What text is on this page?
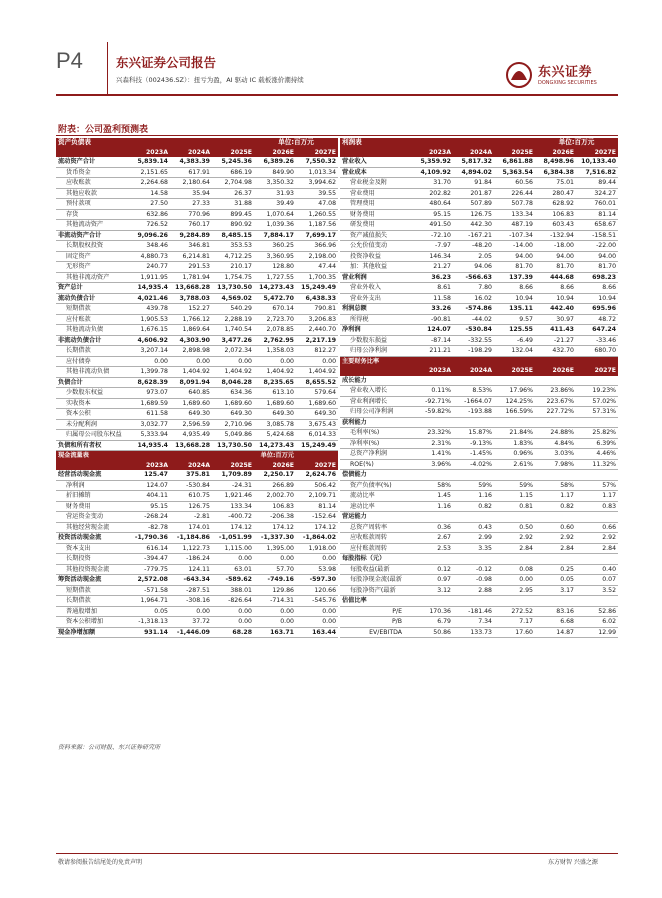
P4	东兴证券公司报告
兴森科技（002436.SZ）：扭亏为盈，AI 驱动 IC 载板涨价潮持续	东兴证券
DONGXING SECURITIES
附表：公司盈利预测表
资产负债表				单位:百万元	
	2023A	2024A	2025E	2026E	2027E
流动资产合计	5,839.14	4,383.39	5,245.36	6,389.26	7,550.32
货币资金	2,151.65	617.91	686.19	849.90	1,013.34
应收账款	2,264.68	2,180.64	2,704.98	3,350.32	3,994.62
其他应收款	14.58	35.94	26.37	31.93	39.55
预付款项	27.50	27.33	31.88	39.49	47.08
存货	632.86	770.96	899.45	1,070.64	1,260.55
其他流动资产	726.52	760.17	890.92	1,039.36	1,187.56
非流动资产合计	9,096.26	9,284.89	8,485.15	7,884.17	7,699.17
长期股权投资	348.46	346.81	353.53	360.25	366.96
固定资产	4,880.73	6,214.81	4,712.25	3,360.95	2,198.00
无形资产	240.77	291.53	210.17	128.80	47.44
其他非流动资产	1,911.95	1,781.94	1,754.75	1,727.55	1,700.35
资产总计	14,935.4	13,668.28	13,730.50	14,273.43	15,249.49
流动负债合计	4,021.46	3,788.03	4,569.02	5,472.70	6,438.33
短期借款	439.78	152.27	540.29	670.14	790.81
应付账款	1,905.53	1,766.12	2,288.19	2,723.70	3,206.83
其他流动负债	1,676.15	1,869.64	1,740.54	2,078.85	2,440.70
非流动负债合计	4,606.92	4,303.90	3,477.26	2,762.95	2,217.19
长期借款	3,207.14	2,898.98	2,072.34	1,358.03	812.27
应付债券	0.00	0.00	0.00	0.00	0.00
其他非流动负债	1,399.78	1,404.92	1,404.92	1,404.92	1,404.92
负债合计	8,628.39	8,091.94	8,046.28	8,235.65	8,655.52
少数股东权益	973.07	640.85	634.36	613.10	579.64
实收资本	1,689.59	1,689.60	1,689.60	1,689.60	1,689.60
资本公积	611.58	649.30	649.30	649.30	649.30
未分配利润	3,032.77	2,596.59	2,710.96	3,085.78	3,675.43
归属母公司股东权益	5,333.94	4,935.49	5,049.86	5,424.68	6,014.33
负债和所有者权	14,935.4	13,668.28	13,730.50	14,273.43	15,249.49
现金流量表				单位:百万元	
	2023A	2024A	2025E	2026E	2027E
经营活动现金流	125.47	375.81	1,709.89	2,250.17	2,624.76
净利润	124.07	-530.84	-24.31	266.89	506.42
折旧摊销	404.11	610.75	1,921.46	2,002.70	2,109.71
财务费用	95.15	126.75	133.34	106.83	81.14
营运资金变动	-268.24	-2.81	-400.72	-206.38	-152.64
其他经营现金流	-82.78	174.01	174.12	174.12	174.12
投资活动现金流	-1,790.36	-1,184.86	-1,051.99	-1,337.30	-1,864.02
资本支出	616.14	1,122.73	1,115.00	1,395.00	1,918.00
长期投资	-394.47	-186.24	0.00	0.00	0.00
其他投资现金流	-779.75	124.11	63.01	57.70	53.98
筹资活动现金流	2,572.08	-643.34	-589.62	-749.16	-597.30
短期借款	-571.58	-287.51	388.01	129.86	120.66
长期借款	1,964.71	-308.16	-826.64	-714.31	-545.76
普通股增加	0.05	0.00	0.00	0.00	0.00
资本公积增加	-1,318.13	37.72	0.00	0.00	0.00
现金净增加额	931.14	-1,446.09	68.28	163.71	163.44
利润表				单位:百万元	
	2023A	2024A	2025E	2026E	2027E
营业收入	5,359.92	5,817.32	6,861.88	8,498.96	10,133.40
营业成本	4,109.92	4,894.02	5,363.54	6,384.38	7,516.82
营业税金及附	31.70	91.84	60.56	75.01	89.44
营业费用	202.82	201.87	226.44	280.47	324.27
管理费用	480.64	507.89	507.78	628.92	760.01
财务费用	95.15	126.75	133.34	106.83	81.14
研发费用	491.50	442.30	487.19	603.43	658.67
资产减值损失	-72.10	-167.21	-107.34	-132.94	-158.51
公允价值变动	-7.97	-48.20	-14.00	-18.00	-22.00
投资净收益	146.34	2.05	94.00	94.00	94.00
加：其他收益	21.27	94.06	81.70	81.70	81.70
营业利润	36.23	-566.63	137.39	444.68	698.23
营业外收入	8.61	7.80	8.66	8.66	8.66
营业外支出	11.58	16.02	10.94	10.94	10.94
利润总额	33.26	-574.86	135.11	442.40	695.96
所得税	-90.81	-44.02	9.57	30.97	48.72
净利润	124.07	-530.84	125.55	411.43	647.24
少数股东损益	-87.14	-332.55	-6.49	-21.27	-33.46
归母公净利润	211.21	-198.29	132.04	432.70	680.70
主要财务比率					
	2023A	2024A	2025E	2026E	2027E
成长能力					
营业收入增长	0.11%	8.53%	17.96%	23.86%	19.23%
营业利润增长	-92.71%	-1664.07	124.25%	223.67%	57.02%
归母公司净利润	-59.82%	-193.88	166.59%	227.72%	57.31%
获利能力					
毛利率(%)	23.32%	15.87%	21.84%	24.88%	25.82%
净利率(%)	2.31%	-9.13%	1.83%	4.84%	6.39%
总资产净利润	1.41%	-1.45%	0.96%	3.03%	4.46%
ROE(%)	3.96%	-4.02%	2.61%	7.98%	11.32%
偿债能力					
资产负债率(%)	58%	59%	59%	58%	57%
流动比率	1.45	1.16	1.15	1.17	1.17
速动比率	1.16	0.82	0.81	0.82	0.83
营运能力					
总资产周转率	0.36	0.43	0.50	0.60	0.66
应收账款周转	2.67	2.99	2.92	2.92	2.92
应付账款周转	2.53	3.35	2.84	2.84	2.84
每股指标（元）					
每股收益(最新	0.12	-0.12	0.08	0.25	0.40
每股净现金流(最新	0.97	-0.98	0.00	0.05	0.07
每股净资产(最新	3.12	2.88	2.95	3.17	3.52
估值比率					
P/E	170.36	-181.46	272.52	83.16	52.86
P/B	6.79	7.34	7.17	6.68	6.02
EV/EBITDA	50.86	133.73	17.60	14.87	12.99
资料来源：公司财报、东兴证券研究所
敬请参阅报告结尾处的免责声明	东方财智 兴盛之源
